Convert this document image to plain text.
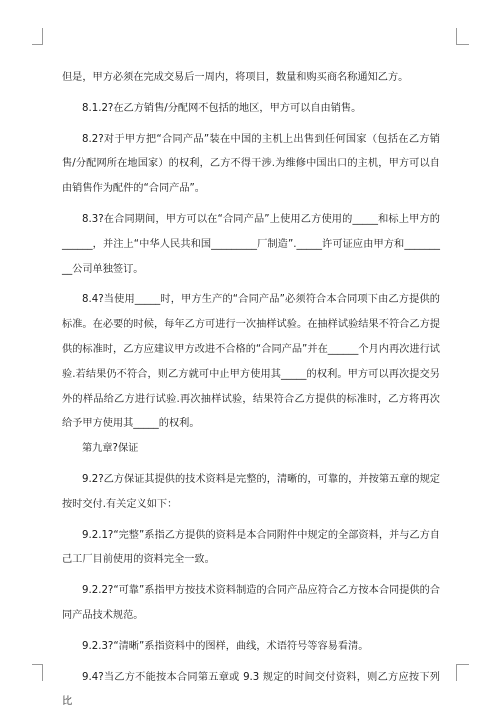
但是，甲方必须在完成交易后一周内，将项目，数量和购买商名称通知乙方。

8.1.2?在乙方销售/分配网不包括的地区，甲方可以自由销售。

8.2?对于甲方把“合同产品”装在中国的主机上出售到任何国家（包括在乙方销售/分配网所在地国家）的权利，乙方不得干涉.为维修中国出口的主机，甲方可以自由销售作为配件的“合同产品”。

8.3?在合同期间，甲方可以在“合同产品”上使用乙方使用的_____和标上甲方的______，并注上“中华人民共和国_________厂制造”._____许可证应由甲方和_________公司单独签订。

8.4?当使用_____时，甲方生产的“合同产品”必须符合本合同项下由乙方提供的标准。在必要的时候，每年乙方可进行一次抽样试验。在抽样试验结果不符合乙方提供的标准时，乙方应建议甲方改进不合格的“合同产品”并在______个月内再次进行试验.若结果仍不符合，则乙方就可中止甲方使用其_____的权利。甲方可以再次提交另外的样品给乙方进行试验.再次抽样试验，结果符合乙方提供的标准时，乙方将再次给予甲方使用其_____的权利。

第九章?保证

9.2?乙方保证其提供的技术资料是完整的，清晰的，可靠的，并按第五章的规定按时交付.有关定义如下：

9.2.1?“完整”系指乙方提供的资料是本合同附件中规定的全部资料，并与乙方自己工厂目前使用的资料完全一致。

9.2.2?“可靠”系指甲方按技术资料制造的合同产品应符合乙方按本合同提供的合同产品技术规范。

9.2.3?“清晰”系指资料中的图样，曲线，术语符号等容易看清。

9.4?当乙方不能按本合同第五章或 9.3 规定的时间交付资料，则乙方应按下列比
